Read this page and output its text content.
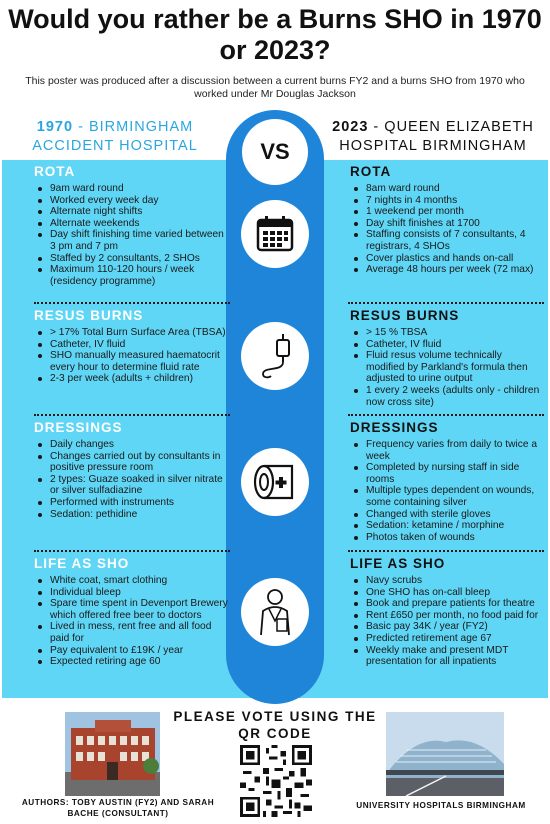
Would you rather be a Burns SHO in 1970 or 2023?
This poster was produced after a discussion between a current burns FY2 and a burns SHO from 1970 who worked under Mr Douglas Jackson
1970 - BIRMINGHAM ACCIDENT HOSPITAL
2023 - QUEEN ELIZABETH HOSPITAL BIRMINGHAM
VS
ROTA
9am ward round
Worked every week day
Alternate night shifts
Alternate weekends
Day shift finishing time varied between 3 pm and 7 pm
Staffed by 2 consultants, 2 SHOs
Maximum 110-120 hours / week (residency programme)
RESUS BURNS
> 17% Total Burn Surface Area (TBSA)
Catheter, IV fluid
SHO manually measured haematocrit every hour to determine fluid rate
2-3 per week (adults + children)
DRESSINGS
Daily changes
Changes carried out by consultants in positive pressure room
2 types: Guaze soaked in silver nitrate or silver sulfadiazine
Performed with instruments
Sedation: pethidine
LIFE AS SHO
White coat, smart clothing
Individual bleep
Spare time spent in Devenport Brewery which offered free beer to doctors
Lived in mess, rent free and all food paid for
Pay equivalent to £19K / year
Expected retiring age 60
ROTA
8am ward round
7 nights in 4 months
1 weekend per month
Day shift finishes at 1700
Staffing consists of 7 consultants, 4 registrars, 4 SHOs
Cover plastics and hands on-call
Average 48 hours per week (72 max)
RESUS BURNS
> 15 % TBSA
Catheter, IV fluid
Fluid resus volume technically modified by Parkland's formula then adjusted to urine output
1 every 2 weeks (adults only - children now cross site)
DRESSINGS
Frequency varies from daily to twice a week
Completed by nursing staff in side rooms
Multiple types dependent on wounds, some containing silver
Changed with sterile gloves
Sedation: ketamine / morphine
Photos taken of wounds
LIFE AS SHO
Navy scrubs
One SHO has on-call bleep
Book and prepare patients for theatre
Rent £650 per month, no food paid for
Basic pay 34K / year (FY2)
Predicted retirement age 67
Weekly make and present MDT presentation for all inpatients
PLEASE VOTE USING THE QR CODE
AUTHORS: TOBY AUSTIN (FY2) AND SARAH BACHE (CONSULTANT)
UNIVERSITY HOSPITALS BIRMINGHAM
